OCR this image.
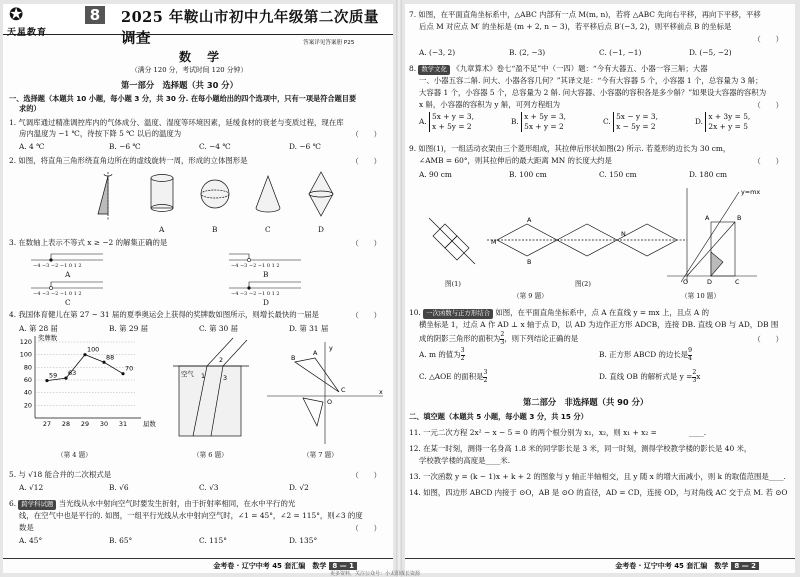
✪
天星教育
8	2025 年鞍山市初中九年级第二次质量调查	答案详见答案册 P25
数 学
（满分 120 分，考试时间 120 分钟）
第一部分　选择题（共 30 分）
一、选择题（本题共 10 小题，每小题 3 分，共 30 分. 在每小题给出的四个选项中，只有一项是符合题目要
求的）
1. 气调库通过精准调控库内的气体成分、温度、湿度等环境因素，延缓食材的衰老与变质过程，现在库
房内温度为 −1 ℃，待按下降 5 ℃ 以后的温度为	（　　）
A. 4 ℃	B. −6 ℃	C. −4 ℃	D. −6 ℃
2. 如图，将直角三角形绕直角边所在的虚线旋转一周，形成的立体图形是	（　　）
A	B	C	D
3. 在数轴上表示不等式 x ≥ −2 的解集正确的是	（　　）
−4 −3 −2 −1 0 1 2	−4 −3 −2 −1 0 1 2
−4 −3 −2 −1 0 1 2	−4 −3 −2 −1 0 1 2
A	B
C	D
4. 我国体育健儿在第 27 ~ 31 届的夏季奥运会上获得的奖牌数如图所示，则增长最快的一届是	（　　）
A. 第 28 届	B. 第 29 届	C. 第 30 届	D. 第 31 届
20
40
60
80
100
120
59
27
63
28
100
29
88
30
70
31
奖牌数
届数
（第 4 题）
1
2
3
空气
（第 6 题）
y
x
B
A
C
O
（第 7 题）
5. 与 √18 能合并的二次根式是	（　　）
A. √12	B. √6	C. √3	D. √2
6. 跨学科试题 当光线从水中射向空气时要发生折射，由于折射率相同，在水中平行的光
线，在空气中也是平行的. 如图，一组平行光线从水中射向空气时，∠1 = 45°，∠2 = 115°，则∠3 的度
数是	（　　）
A. 45°	B. 65°	C. 115°	D. 135°
金考卷 · 辽宁中考 45 套汇编　数学 8 — 1
7. 如图，在平面直角坐标系中，△ABC 内部有一点 M(m, n)，若将 △ABC 先向右平移，再向下平移，平移
后点 M 对应点 M′ 的坐标是 (m + 2, n − 3)，若平移后点 B′(−3, 2)，则平移前点 B 的坐标是
（　　）
A. (−3, 2)	B. (2, −3)	C. (−1, −1)	D. (−5, −2)
8. 数学文化 《九章算术》卷七“盈不足”中（一四）题：“今有大器五、小器一容三斛；大器
一、小器五容二斛. 问大、小器各容几何？”其译文是：“今有大容器 5 个，小容器 1 个，总容量为 3 斛；
大容器 1 个，小容器 5 个，总容量为 2 斛. 问大容器、小容器的容积各是多少斛？”如果设大容器的容积为
x 斛，小容器的容积为 y 斛，可列方程组为	（　　）
A.
5x + y = 3,
x + 5y = 2
B.
x + 5y = 3,
5x + y = 2
C.
5x − y = 3,
x − 5y = 2
D.
x + 3y = 5,
2x + y = 5
9. 如图(1)，一组活动衣架由三个菱形组成，其拉伸后形状如图(2) 所示. 若菱形的边长为 30 cm，
∠AMB = 60°，则其拉伸后的最大距离 MN 的长度大约是	（　　）
A. 90 cm	B. 100 cm	C. 150 cm	D. 180 cm
M
N
A
B
y=mx
O
A	B
D	C
图(1)	图(2)
（第 9 题）	（第 10 题）
10. 一次函数与正方形结合 如图，在平面直角坐标系中，点 A 在直线 y = mx 上，且点 A 的
横坐标是 1，过点 A 作 AD ⊥ x 轴于点 D，以 AD 为边作正方形 ADCB，连接 DB. 直线 OB 与 AD，DB 围
成的阴影三角形的面积为 $\frac{2}{3}$ ，则下列结论正确的是	（　　）
A. m 的值为 $\frac{3}{2}$	B. 正方形 ABCD 的边长是 $\frac{9}{4}$
C. △AOE 的面积是 $\frac{3}{2}$	D. 直线 OB 的解析式是 $y = \frac{2}{3}$ x
第二部分　非选择题（共 90 分）
二、填空题（本题共 5 小题，每小题 3 分，共 15 分）
11. 一元二次方程 2x² − x − 5 = 0 的两个根分别为 x₁，x₂，则 x₁ + x₂ =	____.
12. 在某一时刻，测得一名身高 1.8 米的同学影长是 3 米，同一时刻，测得学校教学楼的影长是 40 米，
学校教学楼的高度是____米.
13. 一次函数 y = (k − 1)x + k + 2 的图象与 y 轴正半轴相交，且 y 随 x 的增大而减小，则 k 的取值范围是____.
14. 如图，四边形 ABCD 内接于 ⊙O，AB 是 ⊙O 的直径，AD = CD，连接 OD，与对角线 AC 交于点 M. 若 ⊙O
金考卷 · 辽宁中考 45 套汇编　数学 8 — 2
更多资料，关注公众号：小太阳成长资源
